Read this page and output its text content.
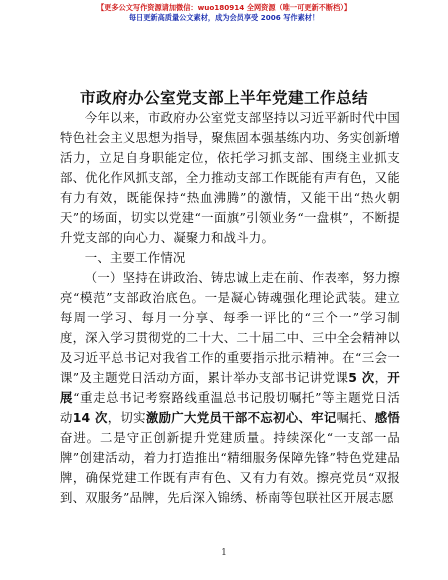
【更多公文写作资源请加微信：wuo180914 全网资源（唯一可更新不断档）】
每日更新高质量公文素材，成为会员享受 2006 写作素材！
市政府办公室党支部上半年党建工作总结

今年以来，市政府办公室党支部坚持以习近平新时代中国特色社会主义思想为指导，聚焦固本强基练内功、务实创新增活力，立足自身职能定位，依托学习抓支部、围绕主业抓支部、优化作风抓支部，全力推动支部工作既能有声有色，又能有力有效，既能保持“热血沸腾”的激情，又能干出“热火朝天”的场面，切实以党建“一面旗”引领业务“一盘棋”，不断提升党支部的向心力、凝聚力和战斗力。

一、主要工作情况

（一）坚持在讲政治、铸忠诚上走在前、作表率，努力擦亮“模范”支部政治底色。一是凝心铸魂强化理论武装。建立每周一学习、每月一分享、每季一评比的“三个一”学习制度，深入学习贯彻党的二十大、二十届二中、三中全会精神以及习近平总书记对我省工作的重要指示批示精神。在“三会一课”及主题党日活动方面，累计举办支部书记讲党课5 次，开展“重走总书记考察路线重温总书记殷切嘱托”等主题党日活动14 次，切实激励广大党员干部不忘初心、牢记嘱托、感悟奋进。二是守正创新提升党建质量。持续深化“一支部一品牌”创建活动，着力打造推出“精细服务保障先锋”特色党建品牌，确保党建工作既有声有色、又有力有效。擦亮党员“双报到、双服务”品牌，先后深入锦绣、桥南等包联社区开展志愿

1
